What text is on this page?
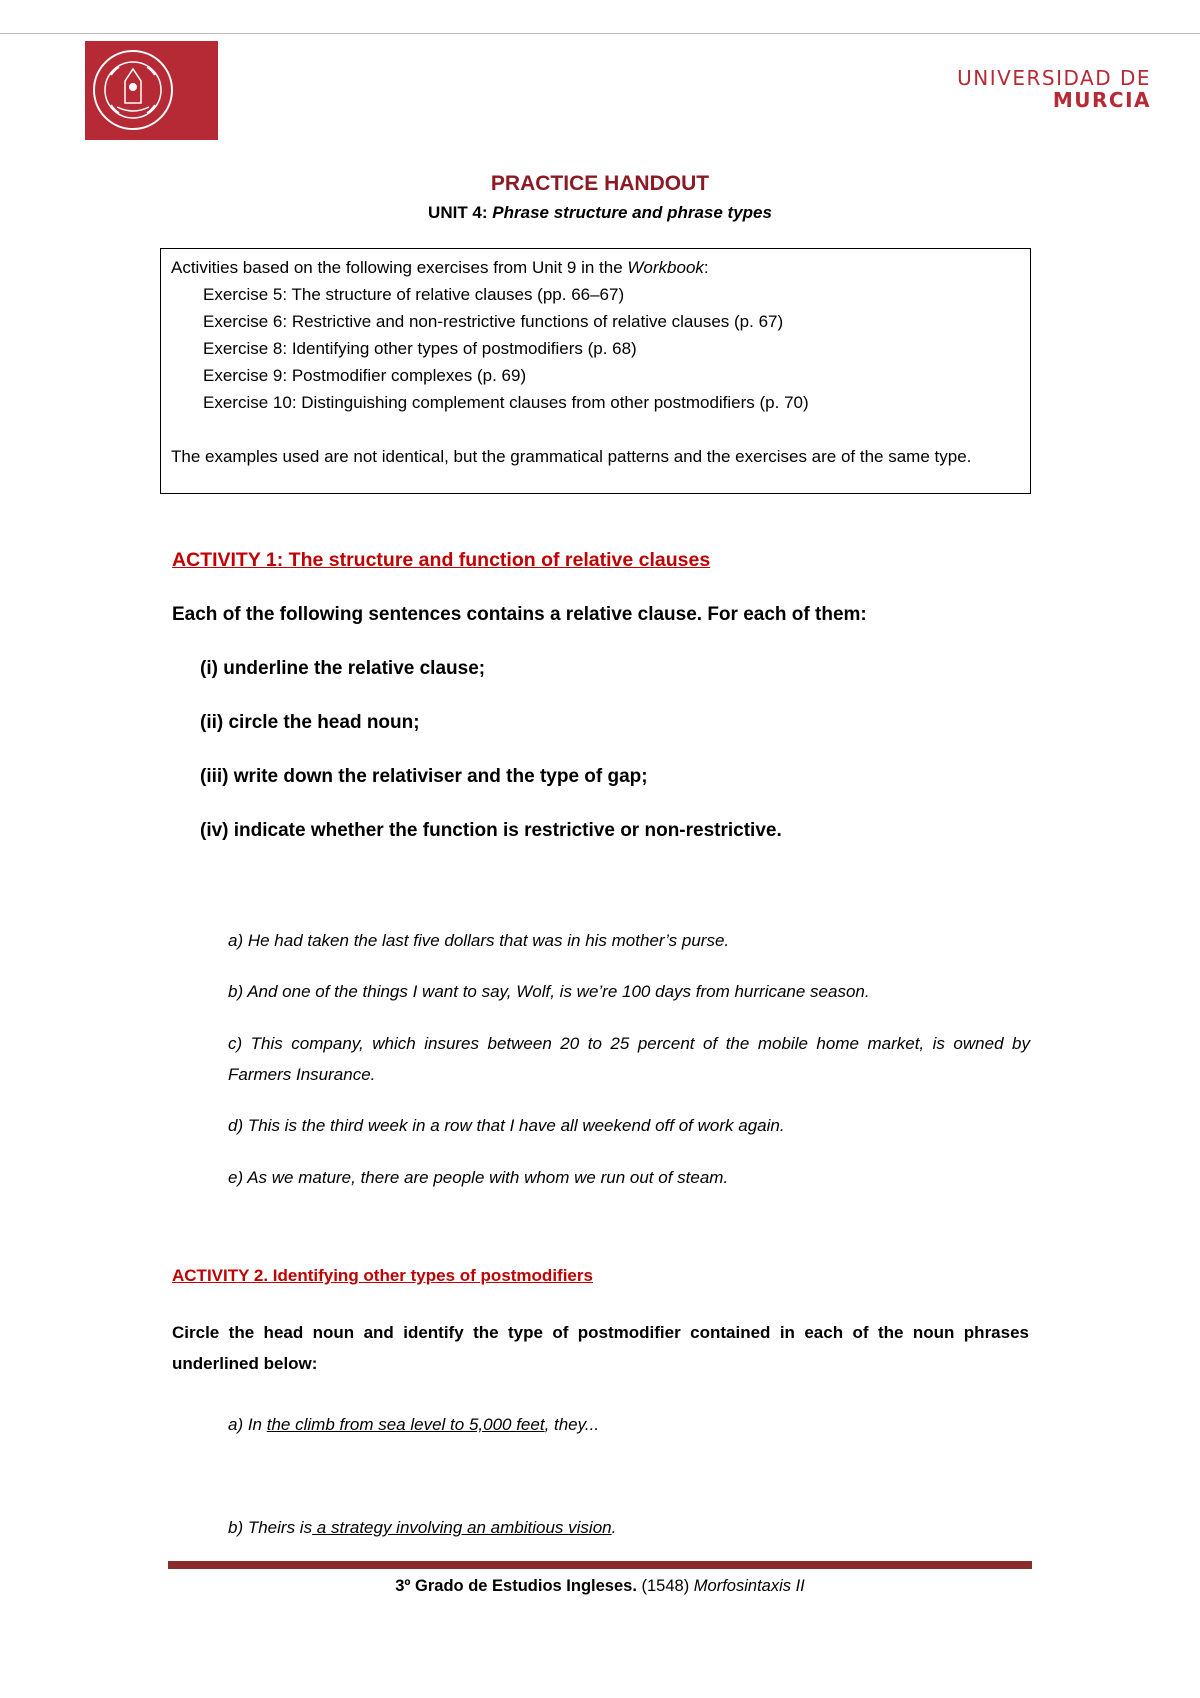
UNIVERSIDAD DE
MURCIA
PRACTICE HANDOUT
UNIT 4: Phrase structure and phrase types
Activities based on the following exercises from Unit 9 in the Workbook:
Exercise 5: The structure of relative clauses (pp. 66–67)
Exercise 6: Restrictive and non-restrictive functions of relative clauses (p. 67)
Exercise 8: Identifying other types of postmodifiers (p. 68)
Exercise 9: Postmodifier complexes (p. 69)
Exercise 10: Distinguishing complement clauses from other postmodifiers (p. 70)
The examples used are not identical, but the grammatical patterns and the exercises are of the same type.
ACTIVITY 1: The structure and function of relative clauses
Each of the following sentences contains a relative clause. For each of them:
(i) underline the relative clause;
(ii) circle the head noun;
(iii) write down the relativiser and the type of gap;
(iv) indicate whether the function is restrictive or non-restrictive.
a) He had taken the last five dollars that was in his mother’s purse.
b) And one of the things I want to say, Wolf, is we’re 100 days from hurricane season.
c) This company, which insures between 20 to 25 percent of the mobile home market, is owned by Farmers Insurance.
d) This is the third week in a row that I have all weekend off of work again.
e) As we mature, there are people with whom we run out of steam.
ACTIVITY 2. Identifying other types of postmodifiers
Circle the head noun and identify the type of postmodifier contained in each of the noun phrases underlined below:
a) In the climb from sea level to 5,000 feet, they...
b) Theirs is a strategy involving an ambitious vision.
3º Grado de Estudios Ingleses. (1548) Morfosintaxis II
